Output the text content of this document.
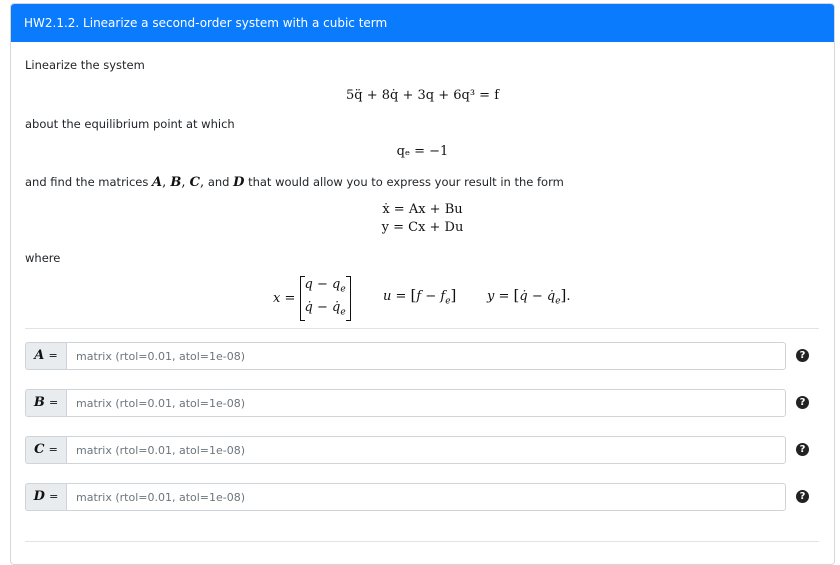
HW2.1.2. Linearize a second-order system with a cubic term
Linearize the system
5q̈ + 8q̇ + 3q + 6q³ = f
about the equilibrium point at which
qₑ = −1
and find the matrices A, B, C, and D that would allow you to express your result in the form
ẋ = Ax + Bu
y = Cx + Du
where
x =
$q - q_e$
q̇ − $q̇_e$
$u = [f - f_e]$ y = [q̇ − $q̇_e$].
A =
matrix (rtol=0.01, atol=1e-08)	?
B =
matrix (rtol=0.01, atol=1e-08)	?
C =
matrix (rtol=0.01, atol=1e-08)	?
D =
matrix (rtol=0.01, atol=1e-08)	?
